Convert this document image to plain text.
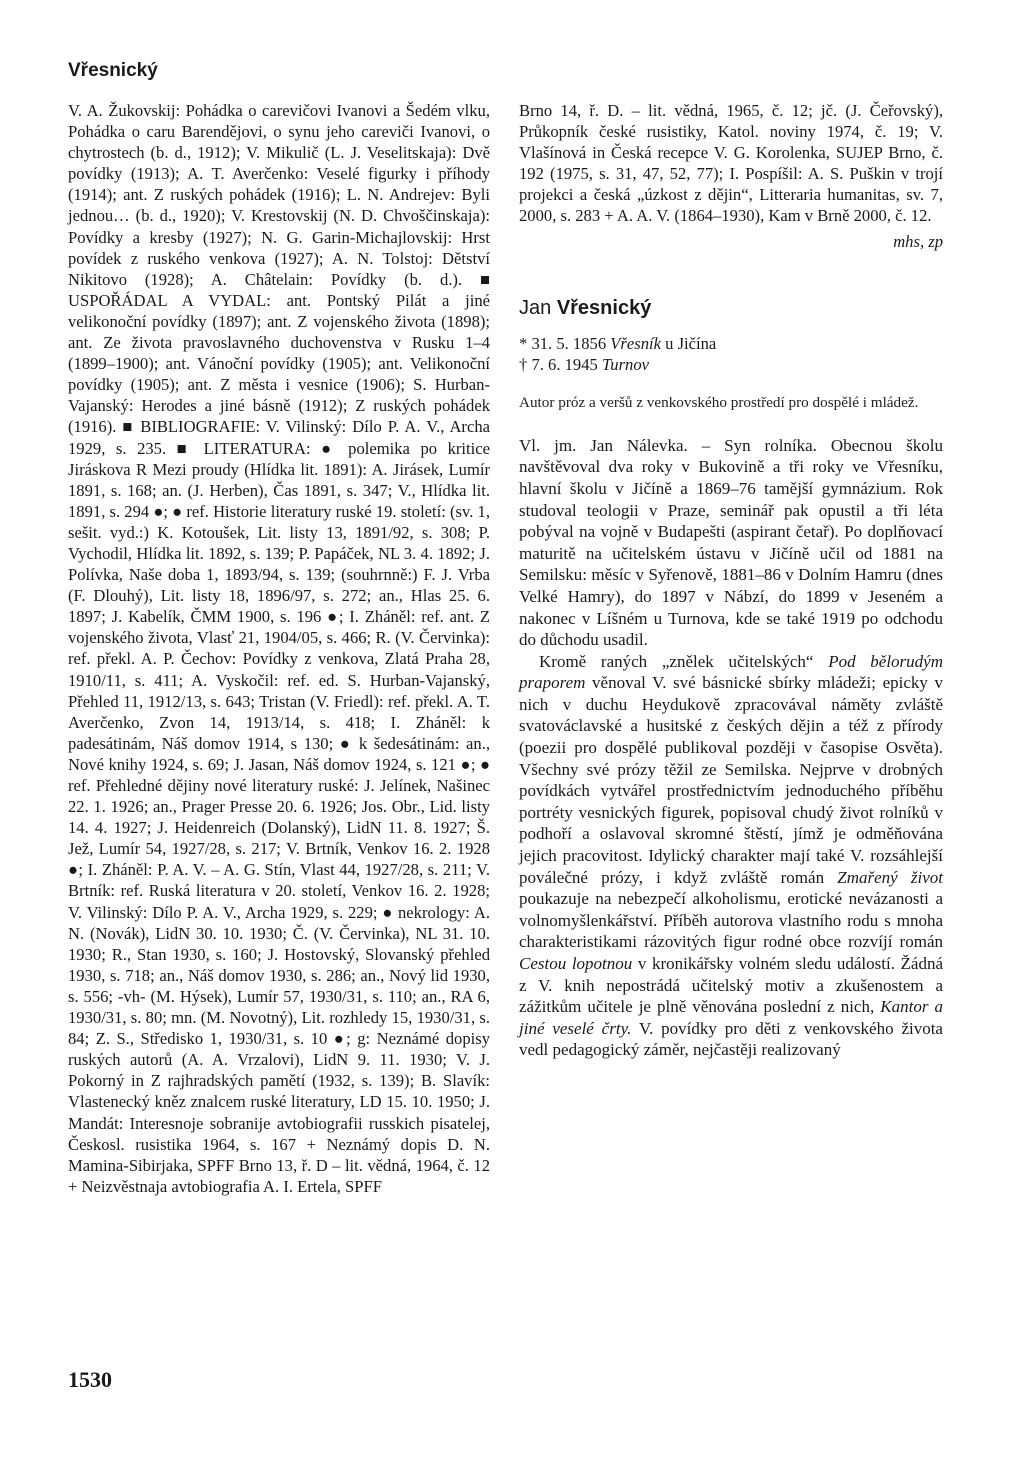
Vřesnický

V. A. Žukovskij: Pohádka o carevičovi Ivanovi a Šedém vlku, Pohádka o caru Barendějovi, o synu jeho careviči Ivanovi, o chytrostech (b. d., 1912); V. Mikulič (L. J. Veselitskaja): Dvě povídky (1913); A. T. Averčenko: Veselé figurky i příhody (1914); ant. Z ruských pohádek (1916); L. N. Andrejev: Byli jednou… (b. d., 1920); V. Krestovskij (N. D. Chvoščinskaja): Povídky a kresby (1927); N. G. Garin-Michajlovskij: Hrst povídek z ruského venkova (1927); A. N. Tolstoj: Dětství Nikitovo (1928); A. Châtelain: Povídky (b. d.). ■ USPOŘÁDAL A VYDAL: ant. Pontský Pilát a jiné velikonoční povídky (1897); ant. Z vojenského života (1898); ant. Ze života pravoslavného duchovenstva v Rusku 1–4 (1899–1900); ant. Vánoční povídky (1905); ant. Velikonoční povídky (1905); ant. Z města i vesnice (1906); S. Hurban-Vajanský: Herodes a jiné básně (1912); Z ruských pohádek (1916). ■ BIBLIOGRAFIE: V. Vilinský: Dílo P. A. V., Archa 1929, s. 235. ■ LITERATURA: ● polemika po kritice Jiráskova R Mezi proudy (Hlídka lit. 1891): A. Jirásek, Lumír 1891, s. 168; an. (J. Herben), Čas 1891, s. 347; V., Hlídka lit. 1891, s. 294 ●; ● ref. Historie literatury ruské 19. století: (sv. 1, sešit. vyd.:) K. Kotoušek, Lit. listy 13, 1891/92, s. 308; P. Vychodil, Hlídka lit. 1892, s. 139; P. Papáček, NL 3. 4. 1892; J. Polívka, Naše doba 1, 1893/94, s. 139; (souhrnně:) F. J. Vrba (F. Dlouhý), Lit. listy 18, 1896/97, s. 272; an., Hlas 25. 6. 1897; J. Kabelík, ČMM 1900, s. 196 ●; I. Zháněl: ref. ant. Z vojenského života, Vlasť 21, 1904/05, s. 466; R. (V. Červinka): ref. překl. A. P. Čechov: Povídky z venkova, Zlatá Praha 28, 1910/11, s. 411; A. Vyskočil: ref. ed. S. Hurban-Vajanský, Přehled 11, 1912/13, s. 643; Tristan (V. Friedl): ref. překl. A. T. Averčenko, Zvon 14, 1913/14, s. 418; I. Zháněl: k padesátinám, Náš domov 1914, s 130; ● k šedesátinám: an., Nové knihy 1924, s. 69; J. Jasan, Náš domov 1924, s. 121 ●; ● ref. Přehledné dějiny nové literatury ruské: J. Jelínek, Našinec 22. 1. 1926; an., Prager Presse 20. 6. 1926; Jos. Obr., Lid. listy 14. 4. 1927; J. Heidenreich (Dolanský), LidN 11. 8. 1927; Š. Jež, Lumír 54, 1927/28, s. 217; V. Brtník, Venkov 16. 2. 1928 ●; I. Zháněl: P. A. V. – A. G. Stín, Vlast 44, 1927/28, s. 211; V. Brtník: ref. Ruská literatura v 20. století, Venkov 16. 2. 1928; V. Vilinský: Dílo P. A. V., Archa 1929, s. 229; ● nekrology: A. N. (Novák), LidN 30. 10. 1930; Č. (V. Červinka), NL 31. 10. 1930; R., Stan 1930, s. 160; J. Hostovský, Slovanský přehled 1930, s. 718; an., Náš domov 1930, s. 286; an., Nový lid 1930, s. 556; -vh- (M. Hýsek), Lumír 57, 1930/31, s. 110; an., RA 6, 1930/31, s. 80; mn. (M. Novotný), Lit. rozhledy 15, 1930/31, s. 84; Z. S., Středisko 1, 1930/31, s. 10 ●; g: Neznámé dopisy ruských autorů (A. A. Vrzalovi), LidN 9. 11. 1930; V. J. Pokorný in Z rajhradských pamětí (1932, s. 139); B. Slavík: Vlastenecký kněz znalcem ruské literatury, LD 15. 10. 1950; J. Mandát: Interesnoje sobranije avtobiografii russkich pisatelej, Českosl. rusistika 1964, s. 167 + Neznámý dopis D. N. Mamina-Sibirjaka, SPFF Brno 13, ř. D – lit. vědná, 1964, č. 12 + Neizvěstnaja avtobiografia A. I. Ertela, SPFF

Brno 14, ř. D. – lit. vědná, 1965, č. 12; jč. (J. Čeřovský), Průkopník české rusistiky, Katol. noviny 1974, č. 19; V. Vlašínová in Česká recepce V. G. Korolenka, SUJEP Brno, č. 192 (1975, s. 31, 47, 52, 77); I. Pospíšil: A. S. Puškin v trojí projekci a česká „úzkost z dějin“, Litteraria humanitas, sv. 7, 2000, s. 283 + A. A. V. (1864–1930), Kam v Brně 2000, č. 12.

mhs, zp

Jan Vřesnický

* 31. 5. 1856 Vřesník u Jičína

† 7. 6. 1945 Turnov

Autor próz a veršů z venkovského prostředí pro dospělé i mládež.

Vl. jm. Jan Nálevka. – Syn rolníka. Obecnou školu navštěvoval dva roky v Bukovině a tři roky ve Vřesníku, hlavní školu v Jičíně a 1869–76 tamější gymnázium. Rok studoval teologii v Praze, seminář pak opustil a tři léta pobýval na vojně v Budapešti (aspirant četař). Po doplňovací maturitě na učitelském ústavu v Jičíně učil od 1881 na Semilsku: měsíc v Syřenově, 1881–86 v Dolním Hamru (dnes Velké Hamry), do 1897 v Nábzí, do 1899 v Jeseném a nakonec v Líšném u Turnova, kde se také 1919 po odchodu do důchodu usadil.

Kromě raných „znělek učitelských“ Pod bělorudým praporem věnoval V. své básnické sbírky mládeži; epicky v nich v duchu Heydukově zpracovával náměty zvláště svatováclavské a husitské z českých dějin a též z přírody (poezii pro dospělé publikoval později v časopise Osvěta). Všechny své prózy těžil ze Semilska. Nejprve v drobných povídkách vytvářel prostřednictvím jednoduchého příběhu portréty vesnických figurek, popisoval chudý život rolníků v podhoří a oslavoval skromné štěstí, jímž je odměňována jejich pracovitost. Idylický charakter mají také V. rozsáhlejší poválečné prózy, i když zvláště román Zmařený život poukazuje na nebezpečí alkoholismu, erotické nevázanosti a volnomyšlenkářství. Příběh autorova vlastního rodu s mnoha charakteristikami rázovitých figur rodné obce rozvíjí román Cestou lopotnou v kronikářsky volném sledu událostí. Žádná z V. knih nepostrádá učitelský motiv a zkušenostem a zážitkům učitele je plně věnována poslední z nich, Kantor a jiné veselé črty. V. povídky pro děti z venkovského života vedl pedagogický záměr, nejčastěji realizovaný

1530
